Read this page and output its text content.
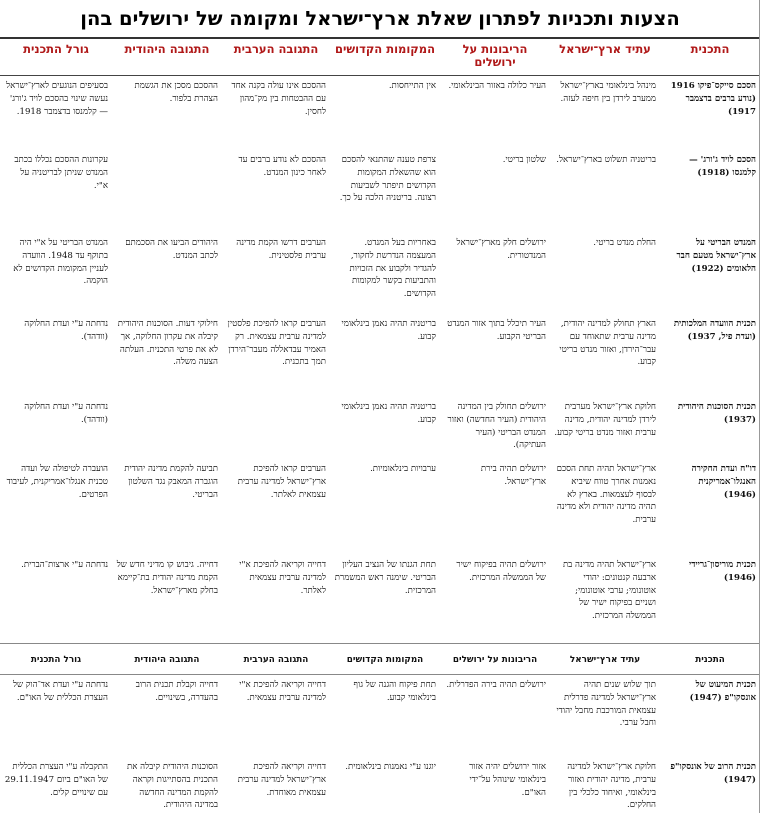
הצעות ותכניות לפתרון שאלת ארץ־ישראל ומקומה של ירושלים בהן
התכנית
עתיד ארץ־ישראל
הריבונות על ירושלים
המקומות הקדושים
התגובה הערבית
התגובה היהודית
גורל התכנית
הסכם סייקס־פיקו 1916 (נודע ברבים בדצמבר 1917)
מינהל בינלאומי בארץ־ישראל ממערב לירדן בין חיפה לעזה.
העיר כלולה באזור הבינלאומי.
אין התייחסות.
ההסכם אינו עולה בקנה אחד עם ההבטחות בין מק־מהון לחסין.
ההסכם מסכן את הגשמת הצהרת בלפור.
בסעיפים הנוגעים לארץ־ישראל נעשה שינוי בהסכם לויד ג'ורג' — קלמנסו בדצמבר 1918.
הסכם לויד ג'ורג' — קלמנסו (1918)
בריטניה תשלוט בארץ־ישראל.
שלטון בריטי.
צרפת טענה שהתנאי להסכם הוא שהשאלת המקומות הקדושים תיפתר לשביעות רצונה. בריטניה הלכה על כך.
ההסכם לא נודע ברבים עד לאחר כינון המנדט.
עקרונות ההסכם נכללו בכתב המנדט שניתן לבריטניה על א"י.
המנדט הבריטי על ארץ־ישראל מטעם חבר הלאומים (1922)
החלת מנדט בריטי.
ירושלים חלק מארץ־ישראל המנדטורית.
באחריות בעל המנדט. המעצמה הנדרשת לחקור, להגדיר ולקבוע את הזכויות והתביעות בקשר למקומות הקדושים.
הערבים דרשו הקמת מדינה ערבית פלסטינית.
היהודים הביעו את הסכמתם לכתב המנדט.
המנדט הבריטי על א"י היה בתוקף עד 1948. הוועדה לעניין המקומות הקדושים לא הוקמה.
תכנית הוועדה המלכותית (ועדת פיל, 1937)
הארץ תחולק למדינה יהודית, מדינה ערבית שתאוחד עם עבר־הירדן, ואזור מנדט בריטי קבוע.
העיר תיכלל בתוך אזור המנדט הבריטי הקבוע.
בריטניה תהיה נאמן בינלאומי קבוע.
הערבים קראו להפיכת פלסטין למדינה ערבית עצמאית. רק האמיר עבדאללה מעבר־הירדן תמך בתכנית.
חילוקי דעות. הסוכנות היהודית קיבלה את עקרון החלוקה, אך לא את פרטי התכנית. העלתה הצעה משלה.
נדחתה ע"י ועדת החלוקה (וודהד).
תכנית הסוכנות היהודית (1937)
חלוקת ארץ־ישראל מערבית לירדן למדינה יהודית, מדינה ערבית ואזור מנדט בריטי קבוע.
ירושלים תחולק בין המדינה היהודית (העיר החדשה) ואזור המנדט הבריטי (העיר העתיקה).
בריטניה תהיה נאמן בינלאומי קבוע.
נדחתה ע"י ועדת החלוקה (וודהד).
דו"ח ועדת החקירה האנגלו־אמריקנית (1946)
ארץ־ישראל תהיה תחת הסכם נאמנות אחרך טווח שיביא לבסוף לעצמאות. בארץ לא תהיה מדינה יהודית ולא מדינה ערבית.
ירושלים תהיה בירת ארץ־ישראל.
ערבויות בינלאומיות.
הערבים קראו להפיכת ארץ־ישראל למדינה ערבית עצמאית לאלתר.
תביעה להקמת מדינה יהודית הוגברה המאבק נגד השלטון הבריטי.
הועברה לטיפולה של ועדה טכנית אנגלו־אמריקנית, לעיבוד הפרטים.
תכנית מוריסון־גריידי (1946)
ארץ־ישראל תהיה מדינה בת ארבעה קנטונים: יהודי אוטונומי; ערבי אוטונומי; ושניים בפיקוח ישיר של הממשלה המרכזית.
ירושלים תהיה בפיקוח ישיר של הממשלה המרכזית.
תחת הגנתו של הנציב העליון הבריטי. שימנה ראש המשמרת המרכזית.
דחייה וקריאה להפיכת א"י למדינה ערבית עצמאית לאלתר.
דחייה. גיבוש קו מדיני חדש של הקמת מדינה יהודית בת־קיימא בחלק מארץ־ישראל.
נדחתה ע"י ארצות־הברית.
התכנית
עתיד ארץ־ישראל
הריבונות על ירושלים
המקומות הקדושים
התגובה הערבית
התגובה היהודית
גורל התכנית
תכנית המיעוט של אונסקו"פ (1947)
תוך שלוש שנים תהיה ארץ־ישראל למדינה פדרלית עצמאית המורכבת מחבל יהודי וחבל ערבי.
ירושלים תהיה בירה הפדרלית.
תחת פיקוח והגנה של גוף בינלאומי קבוע.
דחייה וקריאה להפיכת א"י למדינה ערבית עצמאית.
דחייה וקבלת תכנית הרוב בהעדרה, בשינויים.
נדחתה ע"י ועדת אד־הוק של העצרת הכללית של האו"ם.
תכנית הרוב של אונסקו"פ (1947)
חלוקת ארץ־ישראל למדינה ערבית, מדינה יהודית ואזור בינלאומי, ואיחוד כלכלי בין החלקים.
אזור ירושלים יהיה אזור בינלאומי שינוהל על־ידי האו"ם.
יוגנו ע"י נאמנות בינלאומית.
דחייה וקריאה להפיכת ארץ־ישראל למדינה ערבית עצמאית מאוחדת.
הסוכנות היהודית קיבלה את התכנית בהסתייגות וקראה להקמת המדינה החדשה במדינה היהודית.
התקבלה ע"י העצרת הכללית של האו"ם ביום 29.11.1947 עם שינויים קלים.
